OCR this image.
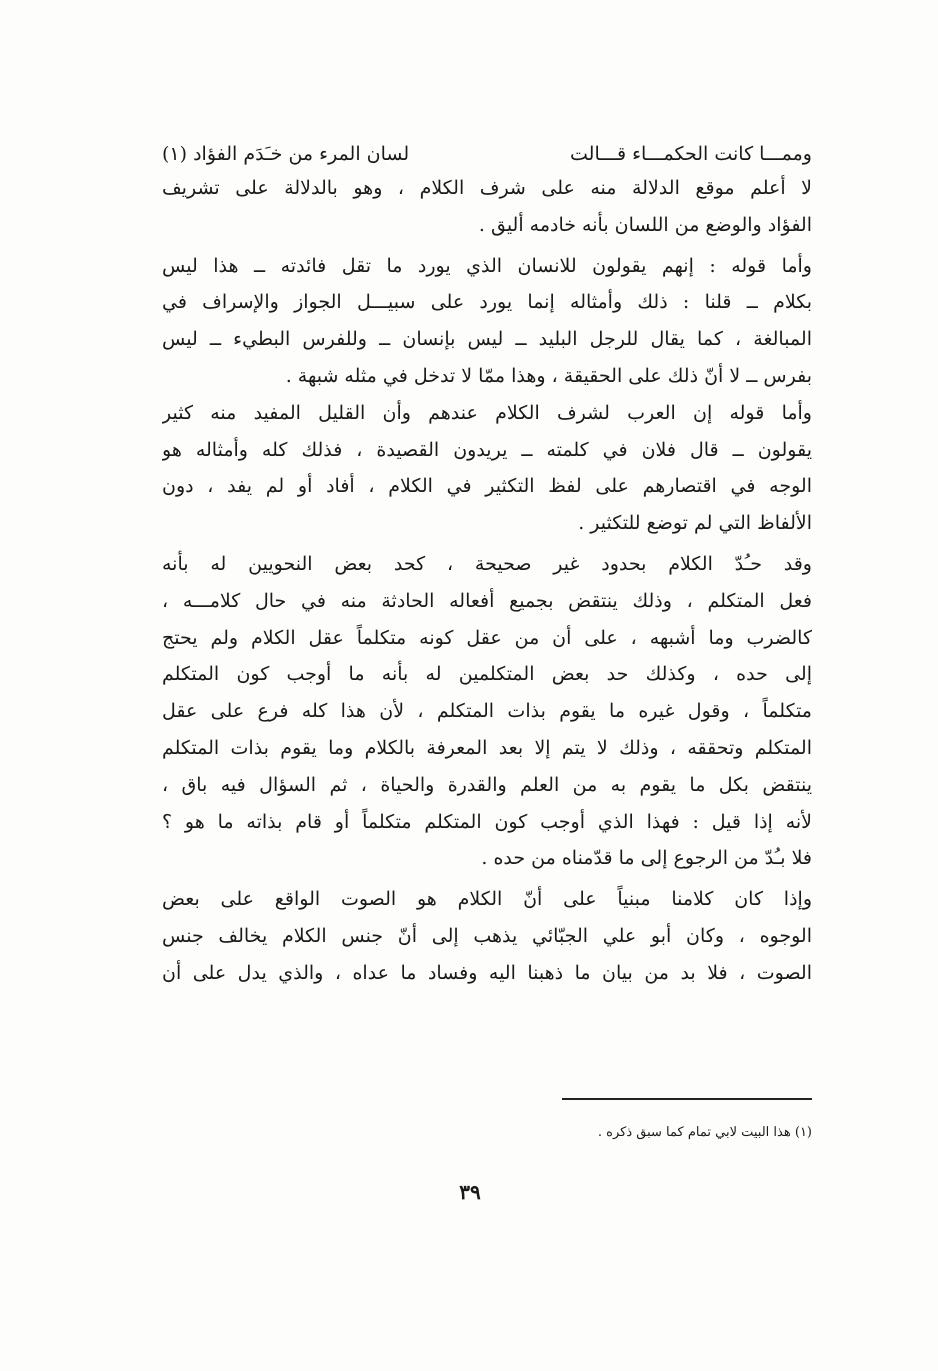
وممـــا كانت الحكمـــاء قـــالت
لسان المرء من خـَدَم الفؤاد (١)
لا أعلم موقع الدلالة منه على شرف الكلام ، وهو بالدلالة على تشريف
الفؤاد والوضع من اللسان بأنه خادمه أليق .
وأما قوله : إنهم يقولون للانسان الذي يورد ما تقل فائدته ــ هذا ليس
بكلام ــ قلنا : ذلك وأمثاله إنما يورد على سبيـــل الجواز والإسراف في
المبالغة ، كما يقال للرجل البليد ــ ليس بإنسان ــ وللفرس البطيء ــ ليس
بفرس ــ لا أنّ ذلك على الحقيقة ، وهذا ممّا لا تدخل في مثله شبهة .
وأما قوله إن العرب لشرف الكلام عندهم وأن القليل المفيد منه كثير
يقولون ــ قال فلان في كلمته ــ يريدون القصيدة ، فذلك كله وأمثاله هو
الوجه في اقتصارهم على لفظ التكثير في الكلام ، أفاد أو لم يفد ، دون
الألفاظ التي لم توضع للتكثير .
وقد حـُدّ الكلام بحدود غير صحيحة ، كحد بعض النحويين له بأنه
فعل المتكلم ، وذلك ينتقض بجميع أفعاله الحادثة منه في حال كلامـــه ،
كالضرب وما أشبهه ، على أن من عقل كونه متكلماً عقل الكلام ولم يحتج
إلى حده ، وكذلك حد بعض المتكلمين له بأنه ما أوجب كون المتكلم
متكلماً ، وقول غيره ما يقوم بذات المتكلم ، لأن هذا كله فرع على عقل
المتكلم وتحققه ، وذلك لا يتم إلا بعد المعرفة بالكلام وما يقوم بذات المتكلم
ينتقض بكل ما يقوم به من العلم والقدرة والحياة ، ثم السؤال فيه باق ،
لأنه إذا قيل : فهذا الذي أوجب كون المتكلم متكلماً أو قام بذاته ما هو ؟
فلا بـُدّ من الرجوع إلى ما قدّمناه من حده .
وإذا كان كلامنا مبنياً على أنّ الكلام هو الصوت الواقع على بعض
الوجوه ، وكان أبو علي الجبّائي يذهب إلى أنّ جنس الكلام يخالف جنس
الصوت ، فلا بد من بيان ما ذهبنا اليه وفساد ما عداه ، والذي يدل على أن
(١) هذا البيت لابي تمام كما سبق ذكره .
٣٩
